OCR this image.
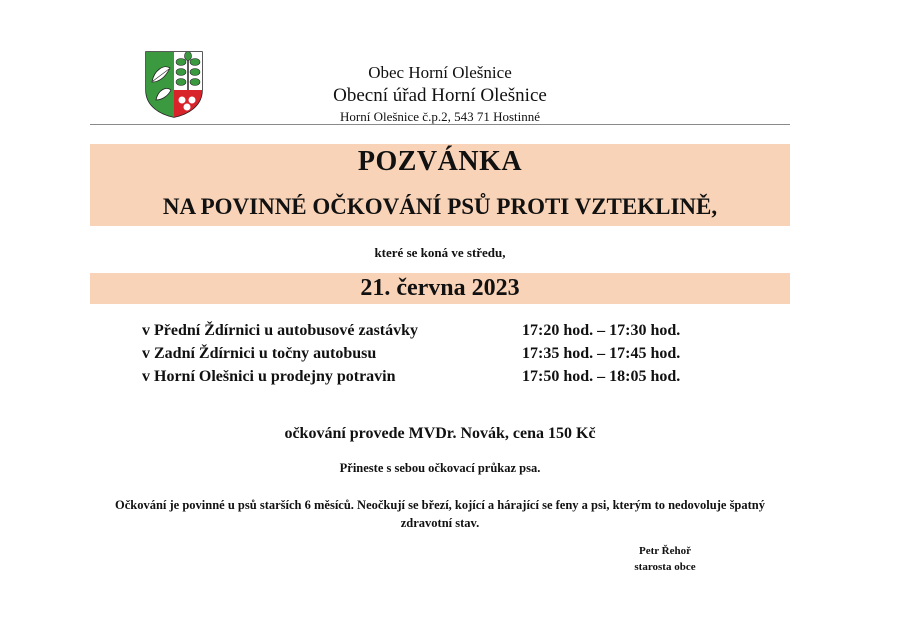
Obec Horní Olešnice
Obecní úřad Horní Olešnice
Horní Olešnice č.p.2, 543 71 Hostinné
POZVÁNKA
NA POVINNÉ OČKOVÁNÍ PSŮ PROTI VZTEKLINĚ,
které se koná ve středu,
21. června 2023
v Přední Ždírnici u autobusové zastávky	17:20 hod. – 17:30 hod.
v Zadní Ždírnici u točny autobusu	17:35 hod. – 17:45 hod.
v Horní Olešnici u prodejny potravin	17:50 hod. – 18:05 hod.
očkování provede MVDr. Novák, cena 150 Kč
Přineste s sebou očkovací průkaz psa.
Očkování je povinné u psů starších 6 měsíců. Neočkují se březí, kojící a hárající se feny a psi, kterým to nedovoluje špatný zdravotní stav.
Petr Řehoř
starosta obce
